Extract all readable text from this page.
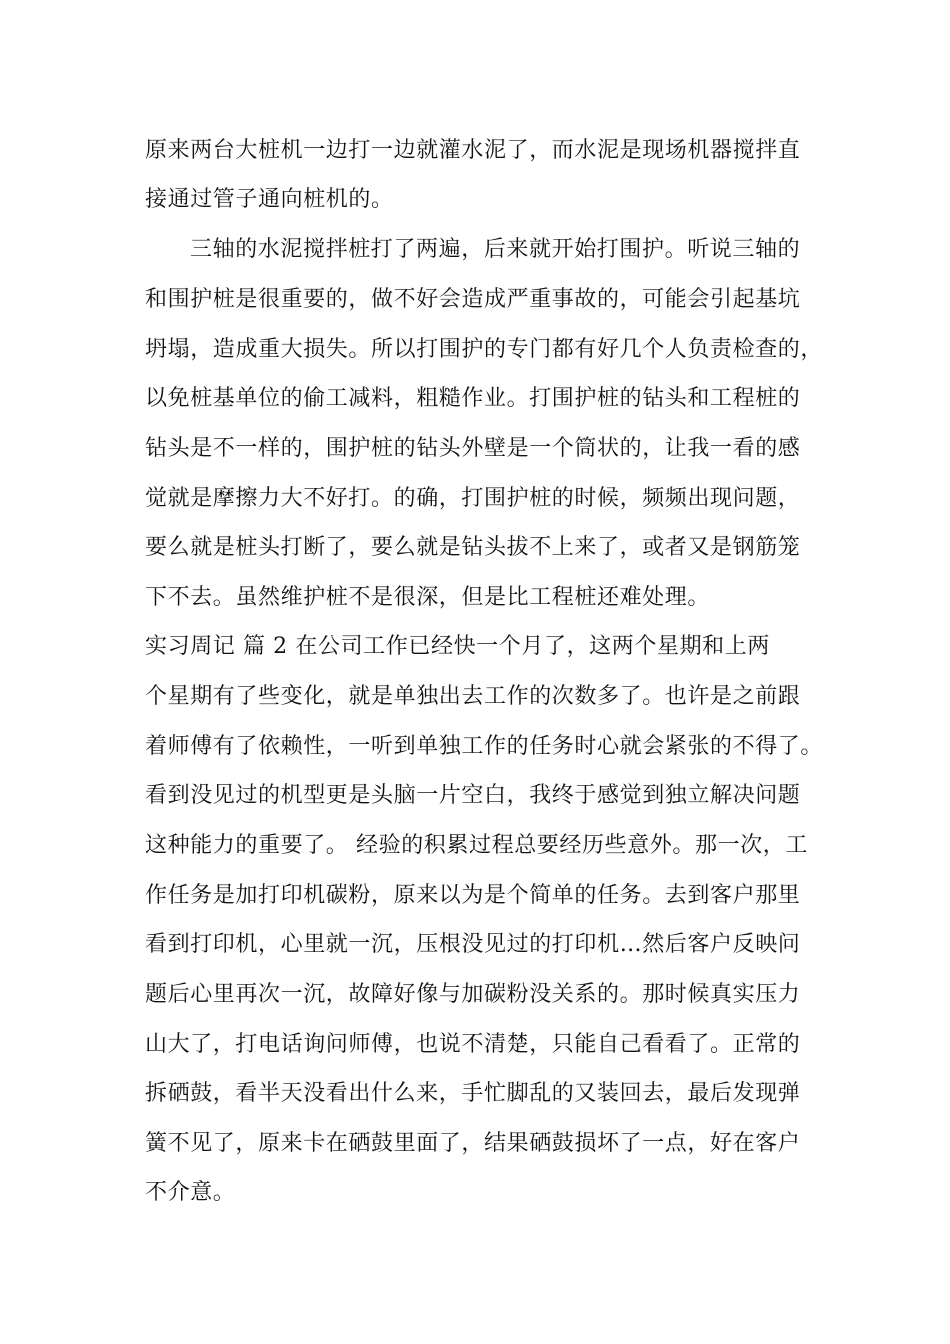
原来两台大桩机一边打一边就灌水泥了，而水泥是现场机器搅拌直
接通过管子通向桩机的。
三轴的水泥搅拌桩打了两遍，后来就开始打围护。听说三轴的
和围护桩是很重要的，做不好会造成严重事故的，可能会引起基坑
坍塌，造成重大损失。所以打围护的专门都有好几个人负责检查的，
以免桩基单位的偷工减料，粗糙作业。打围护桩的钻头和工程桩的
钻头是不一样的，围护桩的钻头外壁是一个筒状的，让我一看的感
觉就是摩擦力大不好打。的确，打围护桩的时候，频频出现问题，
要么就是桩头打断了，要么就是钻头拔不上来了，或者又是钢筋笼
下不去。虽然维护桩不是很深，但是比工程桩还难处理。
实习周记 篇 2 在公司工作已经快一个月了，这两个星期和上两
个星期有了些变化，就是单独出去工作的次数多了。也许是之前跟
着师傅有了依赖性，一听到单独工作的任务时心就会紧张的不得了。
看到没见过的机型更是头脑一片空白，我终于感觉到独立解决问题
这种能力的重要了。 经验的积累过程总要经历些意外。那一次，工
作任务是加打印机碳粉，原来以为是个简单的任务。去到客户那里
看到打印机，心里就一沉，压根没见过的打印机…然后客户反映问
题后心里再次一沉，故障好像与加碳粉没关系的。那时候真实压力
山大了，打电话询问师傅，也说不清楚，只能自己看看了。正常的
拆硒鼓，看半天没看出什么来，手忙脚乱的又装回去，最后发现弹
簧不见了，原来卡在硒鼓里面了，结果硒鼓损坏了一点，好在客户
不介意。
